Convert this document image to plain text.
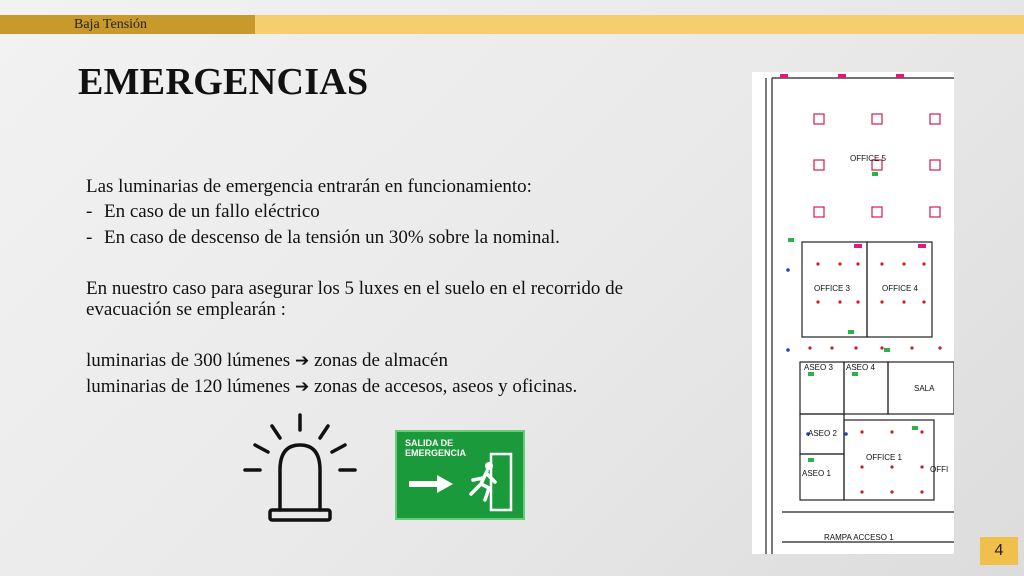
Baja Tensión
EMERGENCIAS
Las luminarias de emergencia entrarán en funcionamiento:
- En caso de un fallo eléctrico
- En caso de descenso de la tensión un 30% sobre la nominal.
En nuestro caso para asegurar los 5 luxes en el suelo en el recorrido de
evacuación se emplearán :
luminarias de 300 lúmenes ➔ zonas de almacén
luminarias de 120 lúmenes ➔ zonas de accesos, aseos y oficinas.
SALIDA DE
EMERGENCIA
OFFICE 5
OFFICE 3	OFFICE 4
ASEO 3 ASEO 4
SALA
ASEO 2
OFFICE 1
OFFI
ASEO 1
RAMPA ACCESO 1
4
